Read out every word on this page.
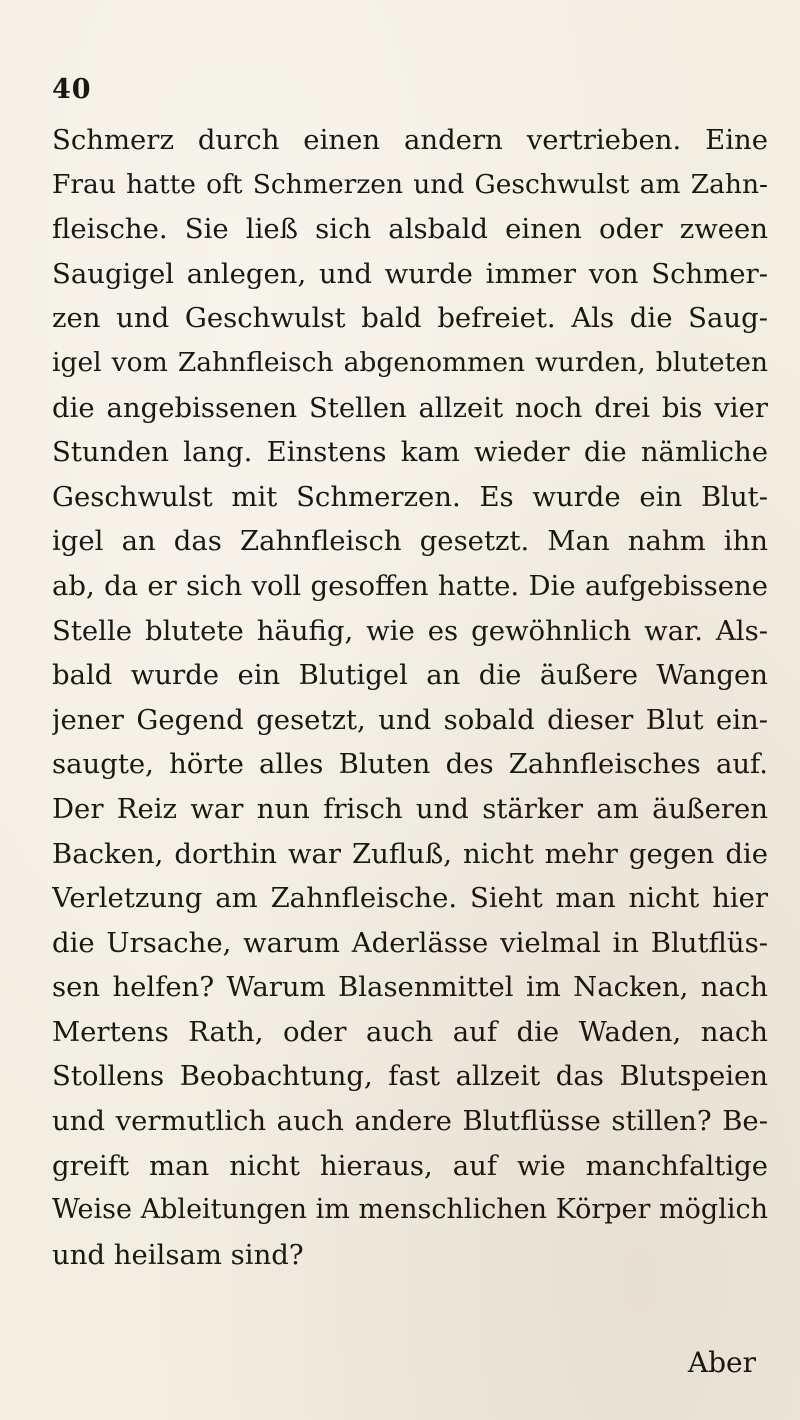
40
Schmerz durch einen andern vertrieben. Eine
Frau hatte oft Schmerzen und Geschwulst am Zahn-
fleische. Sie ließ sich alsbald einen oder zween
Saugigel anlegen, und wurde immer von Schmer-
zen und Geschwulst bald befreiet. Als die Saug-
igel vom Zahnfleisch abgenommen wurden, bluteten
die angebissenen Stellen allzeit noch drei bis vier
Stunden lang. Einstens kam wieder die nämliche
Geschwulst mit Schmerzen. Es wurde ein Blut-
igel an das Zahnfleisch gesetzt. Man nahm ihn
ab, da er sich voll gesoffen hatte. Die aufgebissene
Stelle blutete häufig, wie es gewöhnlich war. Als-
bald wurde ein Blutigel an die äußere Wangen
jener Gegend gesetzt, und sobald dieser Blut ein-
saugte, hörte alles Bluten des Zahnfleisches auf.
Der Reiz war nun frisch und stärker am äußeren
Backen, dorthin war Zufluß, nicht mehr gegen die
Verletzung am Zahnfleische. Sieht man nicht hier
die Ursache, warum Aderlässe vielmal in Blutflüs-
sen helfen? Warum Blasenmittel im Nacken, nach
Mertens Rath, oder auch auf die Waden, nach
Stollens Beobachtung, fast allzeit das Blutspeien
und vermutlich auch andere Blutflüsse stillen? Be-
greift man nicht hieraus, auf wie manchfaltige
Weise Ableitungen im menschlichen Körper möglich
und heilsam sind?
Aber
